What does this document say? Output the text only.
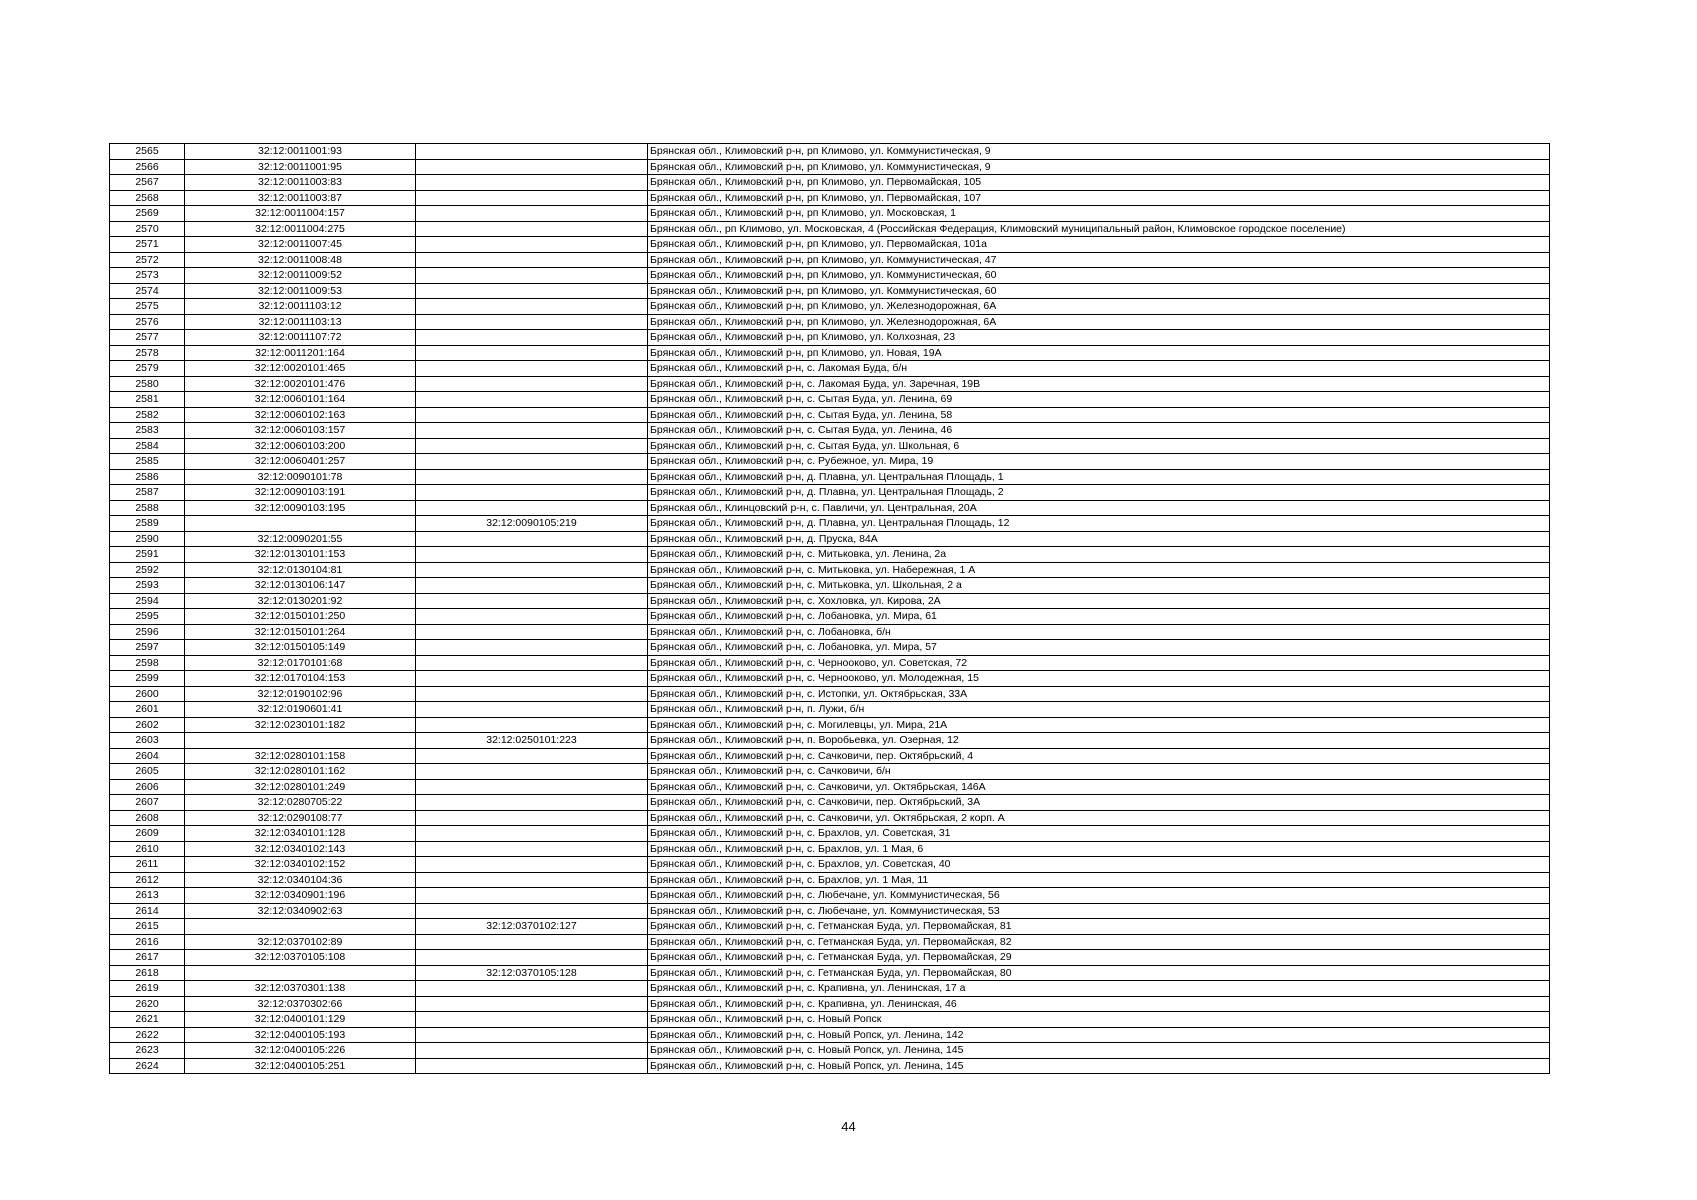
2565	32:12:0011001:93		Брянская обл., Климовский р-н, рп Климово, ул. Коммунистическая, 9
2566	32:12:0011001:95		Брянская обл., Климовский р-н, рп Климово, ул. Коммунистическая, 9
2567	32:12:0011003:83		Брянская обл., Климовский р-н, рп Климово, ул. Первомайская, 105
2568	32:12:0011003:87		Брянская обл., Климовский р-н, рп Климово, ул. Первомайская, 107
2569	32:12:0011004:157		Брянская обл., Климовский р-н, рп Климово, ул. Московская, 1
2570	32:12:0011004:275		Брянская обл., рп Климово, ул. Московская, 4 (Российская Федерация, Климовский муниципальный район, Климовское городское поселение)
2571	32:12:0011007:45		Брянская обл., Климовский р-н, рп Климово, ул. Первомайская, 101а
2572	32:12:0011008:48		Брянская обл., Климовский р-н, рп Климово, ул. Коммунистическая, 47
2573	32:12:0011009:52		Брянская обл., Климовский р-н, рп Климово, ул. Коммунистическая, 60
2574	32:12:0011009:53		Брянская обл., Климовский р-н, рп Климово, ул. Коммунистическая, 60
2575	32:12:0011103:12		Брянская обл., Климовский р-н, рп Климово, ул. Железнодорожная, 6А
2576	32:12:0011103:13		Брянская обл., Климовский р-н, рп Климово, ул. Железнодорожная, 6А
2577	32:12:0011107:72		Брянская обл., Климовский р-н, рп Климово, ул. Колхозная, 23
2578	32:12:0011201:164		Брянская обл., Климовский р-н, рп Климово, ул. Новая, 19А
2579	32:12:0020101:465		Брянская обл., Климовский р-н, с. Лакомая Буда, б/н
2580	32:12:0020101:476		Брянская обл., Климовский р-н, с. Лакомая Буда, ул. Заречная, 19В
2581	32:12:0060101:164		Брянская обл., Климовский р-н, с. Сытая Буда, ул. Ленина, 69
2582	32:12:0060102:163		Брянская обл., Климовский р-н, с. Сытая Буда, ул. Ленина, 58
2583	32:12:0060103:157		Брянская обл., Климовский р-н, с. Сытая Буда, ул. Ленина, 46
2584	32:12:0060103:200		Брянская обл., Климовский р-н, с. Сытая Буда, ул. Школьная, 6
2585	32:12:0060401:257		Брянская обл., Климовский р-н, с. Рубежное, ул. Мира, 19
2586	32:12:0090101:78		Брянская обл., Климовский р-н, д. Плавна, ул. Центральная Площадь, 1
2587	32:12:0090103:191		Брянская обл., Климовский р-н, д. Плавна, ул. Центральная Площадь, 2
2588	32:12:0090103:195		Брянская обл., Клинцовский р-н, с. Павличи, ул. Центральная, 20А
2589		32:12:0090105:219	Брянская обл., Климовский р-н, д. Плавна, ул. Центральная Площадь, 12
2590	32:12:0090201:55		Брянская обл., Климовский р-н, д. Пруска, 84А
2591	32:12:0130101:153		Брянская обл., Климовский р-н, с. Митьковка, ул. Ленина, 2а
2592	32:12:0130104:81		Брянская обл., Климовский р-н, с. Митьковка, ул. Набережная, 1 А
2593	32:12:0130106:147		Брянская обл., Климовский р-н, с. Митьковка, ул. Школьная, 2 а
2594	32:12:0130201:92		Брянская обл., Климовский р-н, с. Хохловка, ул. Кирова, 2А
2595	32:12:0150101:250		Брянская обл., Климовский р-н, с. Лобановка, ул. Мира, 61
2596	32:12:0150101:264		Брянская обл., Климовский р-н, с. Лобановка, б/н
2597	32:12:0150105:149		Брянская обл., Климовский р-н, с. Лобановка, ул. Мира, 57
2598	32:12:0170101:68		Брянская обл., Климовский р-н, с. Чернооково, ул. Советская, 72
2599	32:12:0170104:153		Брянская обл., Климовский р-н, с. Чернооково, ул. Молодежная, 15
2600	32:12:0190102:96		Брянская обл., Климовский р-н, с. Истопки, ул. Октябрьская, 33А
2601	32:12:0190601:41		Брянская обл., Климовский р-н, п. Лужи, б/н
2602	32:12:0230101:182		Брянская обл., Климовский р-н, с. Могилевцы, ул. Мира, 21А
2603		32:12:0250101:223	Брянская обл., Климовский р-н, п. Воробьевка, ул. Озерная, 12
2604	32:12:0280101:158		Брянская обл., Климовский р-н, с. Сачковичи, пер. Октябрьский, 4
2605	32:12:0280101:162		Брянская обл., Климовский р-н, с. Сачковичи, б/н
2606	32:12:0280101:249		Брянская обл., Климовский р-н, с. Сачковичи, ул. Октябрьская, 146А
2607	32:12:0280705:22		Брянская обл., Климовский р-н, с. Сачковичи, пер. Октябрьский, 3А
2608	32:12:0290108:77		Брянская обл., Климовский р-н, с. Сачковичи, ул. Октябрьская, 2 корп. А
2609	32:12:0340101:128		Брянская обл., Климовский р-н, с. Брахлов, ул. Советская, 31
2610	32:12:0340102:143		Брянская обл., Климовский р-н, с. Брахлов, ул. 1 Мая, 6
2611	32:12:0340102:152		Брянская обл., Климовский р-н, с. Брахлов, ул. Советская, 40
2612	32:12:0340104:36		Брянская обл., Климовский р-н, с. Брахлов, ул. 1 Мая, 11
2613	32:12:0340901:196		Брянская обл., Климовский р-н, с. Любечане, ул. Коммунистическая, 56
2614	32:12:0340902:63		Брянская обл., Климовский р-н, с. Любечане, ул. Коммунистическая, 53
2615		32:12:0370102:127	Брянская обл., Климовский р-н, с. Гетманская Буда, ул. Первомайская, 81
2616	32:12:0370102:89		Брянская обл., Климовский р-н, с. Гетманская Буда, ул. Первомайская, 82
2617	32:12:0370105:108		Брянская обл., Климовский р-н, с. Гетманская Буда, ул. Первомайская, 29
2618		32:12:0370105:128	Брянская обл., Климовский р-н, с. Гетманская Буда, ул. Первомайская, 80
2619	32:12:0370301:138		Брянская обл., Климовский р-н, с. Крапивна, ул. Ленинская, 17 а
2620	32:12:0370302:66		Брянская обл., Климовский р-н, с. Крапивна, ул. Ленинская, 46
2621	32:12:0400101:129		Брянская обл., Климовский р-н, с. Новый Ропск
2622	32:12:0400105:193		Брянская обл., Климовский р-н, с. Новый Ропск, ул. Ленина, 142
2623	32:12:0400105:226		Брянская обл., Климовский р-н, с. Новый Ропск, ул. Ленина, 145
2624	32:12:0400105:251		Брянская обл., Климовский р-н, с. Новый Ропск, ул. Ленина, 145
44
